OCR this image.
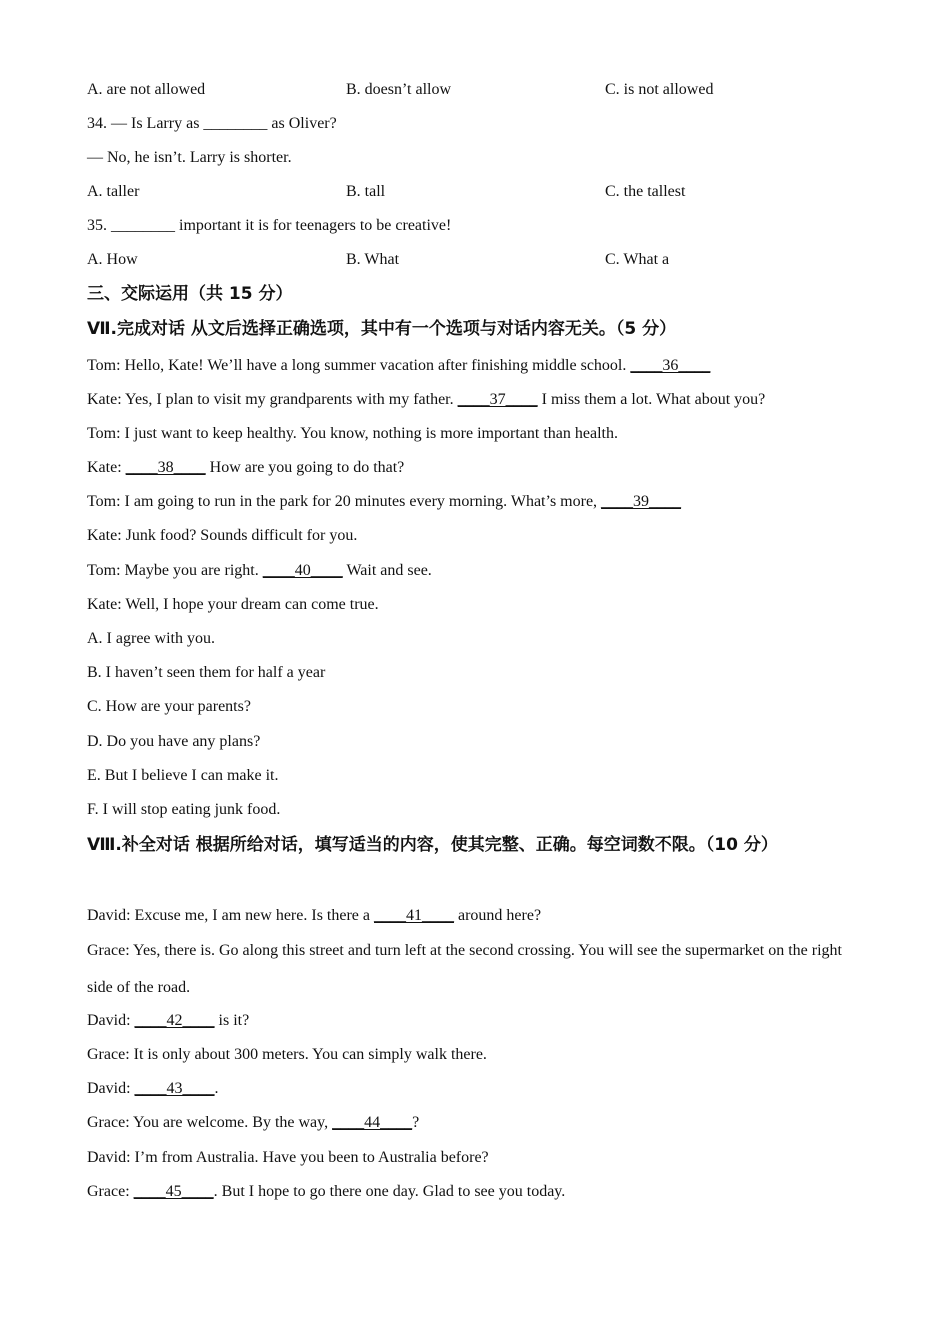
A. are not allowed	B. doesn’t allow	C. is not allowed
34. — Is Larry as ________ as Oliver?
— No, he isn’t. Larry is shorter.
A. taller	B. tall	C. the tallest
35. ________ important it is for teenagers to be creative!
A. How	B. What	C. What a
三、交际运用（共 15 分）
Ⅶ.完成对话 从文后选择正确选项，其中有一个选项与对话内容无关。（5 分）
Tom: Hello, Kate! We’ll have a long summer vacation after finishing middle school. ____36____
Kate: Yes, I plan to visit my grandparents with my father. ____37____ I miss them a lot. What about you?
Tom: I just want to keep healthy. You know, nothing is more important than health.
Kate: ____38____ How are you going to do that?
Tom: I am going to run in the park for 20 minutes every morning. What’s more, ____39____
Kate: Junk food? Sounds difficult for you.
Tom: Maybe you are right. ____40____ Wait and see.
Kate: Well, I hope your dream can come true.
A. I agree with you.
B. I haven’t seen them for half a year
C. How are your parents?
D. Do you have any plans?
E. But I believe I can make it.
F. I will stop eating junk food.
Ⅷ.补全对话 根据所给对话，填写适当的内容，使其完整、正确。每空词数不限。（10 分）
David: Excuse me, I am new here. Is there a ____41____ around here?
Grace: Yes, there is. Go along this street and turn left at the second crossing. You will see the supermarket on the right side of the road.
David: ____42____ is it?
Grace: It is only about 300 meters. You can simply walk there.
David: ____43____.
Grace: You are welcome. By the way, ____44____?
David: I’m from Australia. Have you been to Australia before?
Grace: ____45____. But I hope to go there one day. Glad to see you today.
